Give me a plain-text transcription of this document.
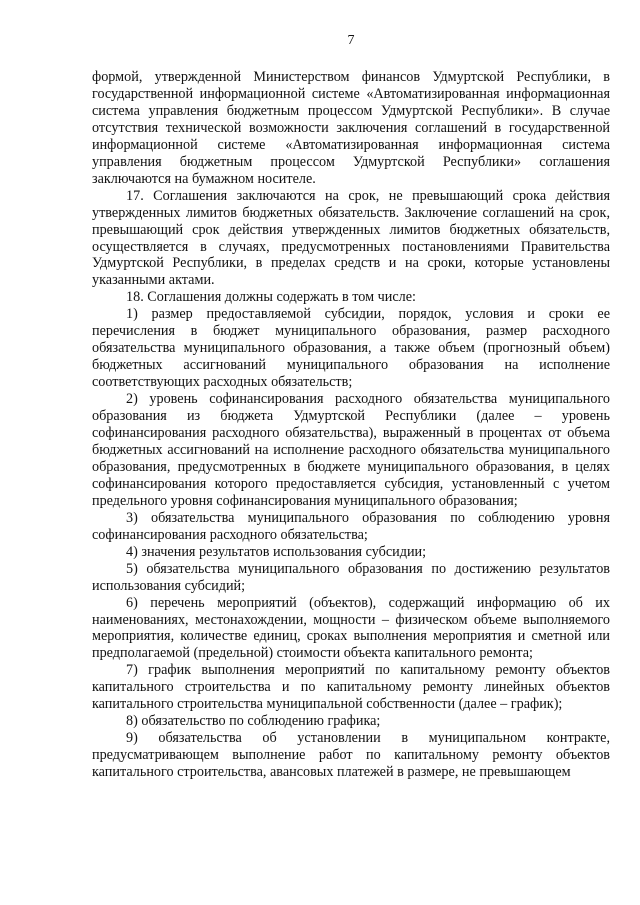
7

формой, утвержденной Министерством финансов Удмуртской Республики, в государственной информационной системе «Автоматизированная информационная система управления бюджетным процессом Удмуртской Республики». В случае отсутствия технической возможности заключения соглашений в государственной информационной системе «Автоматизированная информационная система управления бюджетным процессом Удмуртской Республики» соглашения заключаются на бумажном носителе.

17. Соглашения заключаются на срок, не превышающий срока действия утвержденных лимитов бюджетных обязательств. Заключение соглашений на срок, превышающий срок действия утвержденных лимитов бюджетных обязательств, осуществляется в случаях, предусмотренных постановлениями Правительства Удмуртской Республики, в пределах средств и на сроки, которые установлены указанными актами.

18. Соглашения должны содержать в том числе:

1) размер предоставляемой субсидии, порядок, условия и сроки ее перечисления в бюджет муниципального образования, размер расходного обязательства муниципального образования, а также объем (прогнозный объем) бюджетных ассигнований муниципального образования на исполнение соответствующих расходных обязательств;

2) уровень софинансирования расходного обязательства муниципального образования из бюджета Удмуртской Республики (далее – уровень софинансирования расходного обязательства), выраженный в процентах от объема бюджетных ассигнований на исполнение расходного обязательства муниципального образования, предусмотренных в бюджете муниципального образования, в целях софинансирования которого предоставляется субсидия, установленный с учетом предельного уровня софинансирования муниципального образования;

3) обязательства муниципального образования по соблюдению уровня софинансирования расходного обязательства;

4) значения результатов использования субсидии;

5) обязательства муниципального образования по достижению результатов использования субсидий;

6) перечень мероприятий (объектов), содержащий информацию об их наименованиях, местонахождении, мощности – физическом объеме выполняемого мероприятия, количестве единиц, сроках выполнения мероприятия и сметной или предполагаемой (предельной) стоимости объекта капитального ремонта;

7) график выполнения мероприятий по капитальному ремонту объектов капитального строительства и по капитальному ремонту линейных объектов капитального строительства муниципальной собственности (далее – график);

8) обязательство по соблюдению графика;

9) обязательства об установлении в муниципальном контракте, предусматривающем выполнение работ по капитальному ремонту объектов капитального строительства, авансовых платежей в размере, не превышающем
